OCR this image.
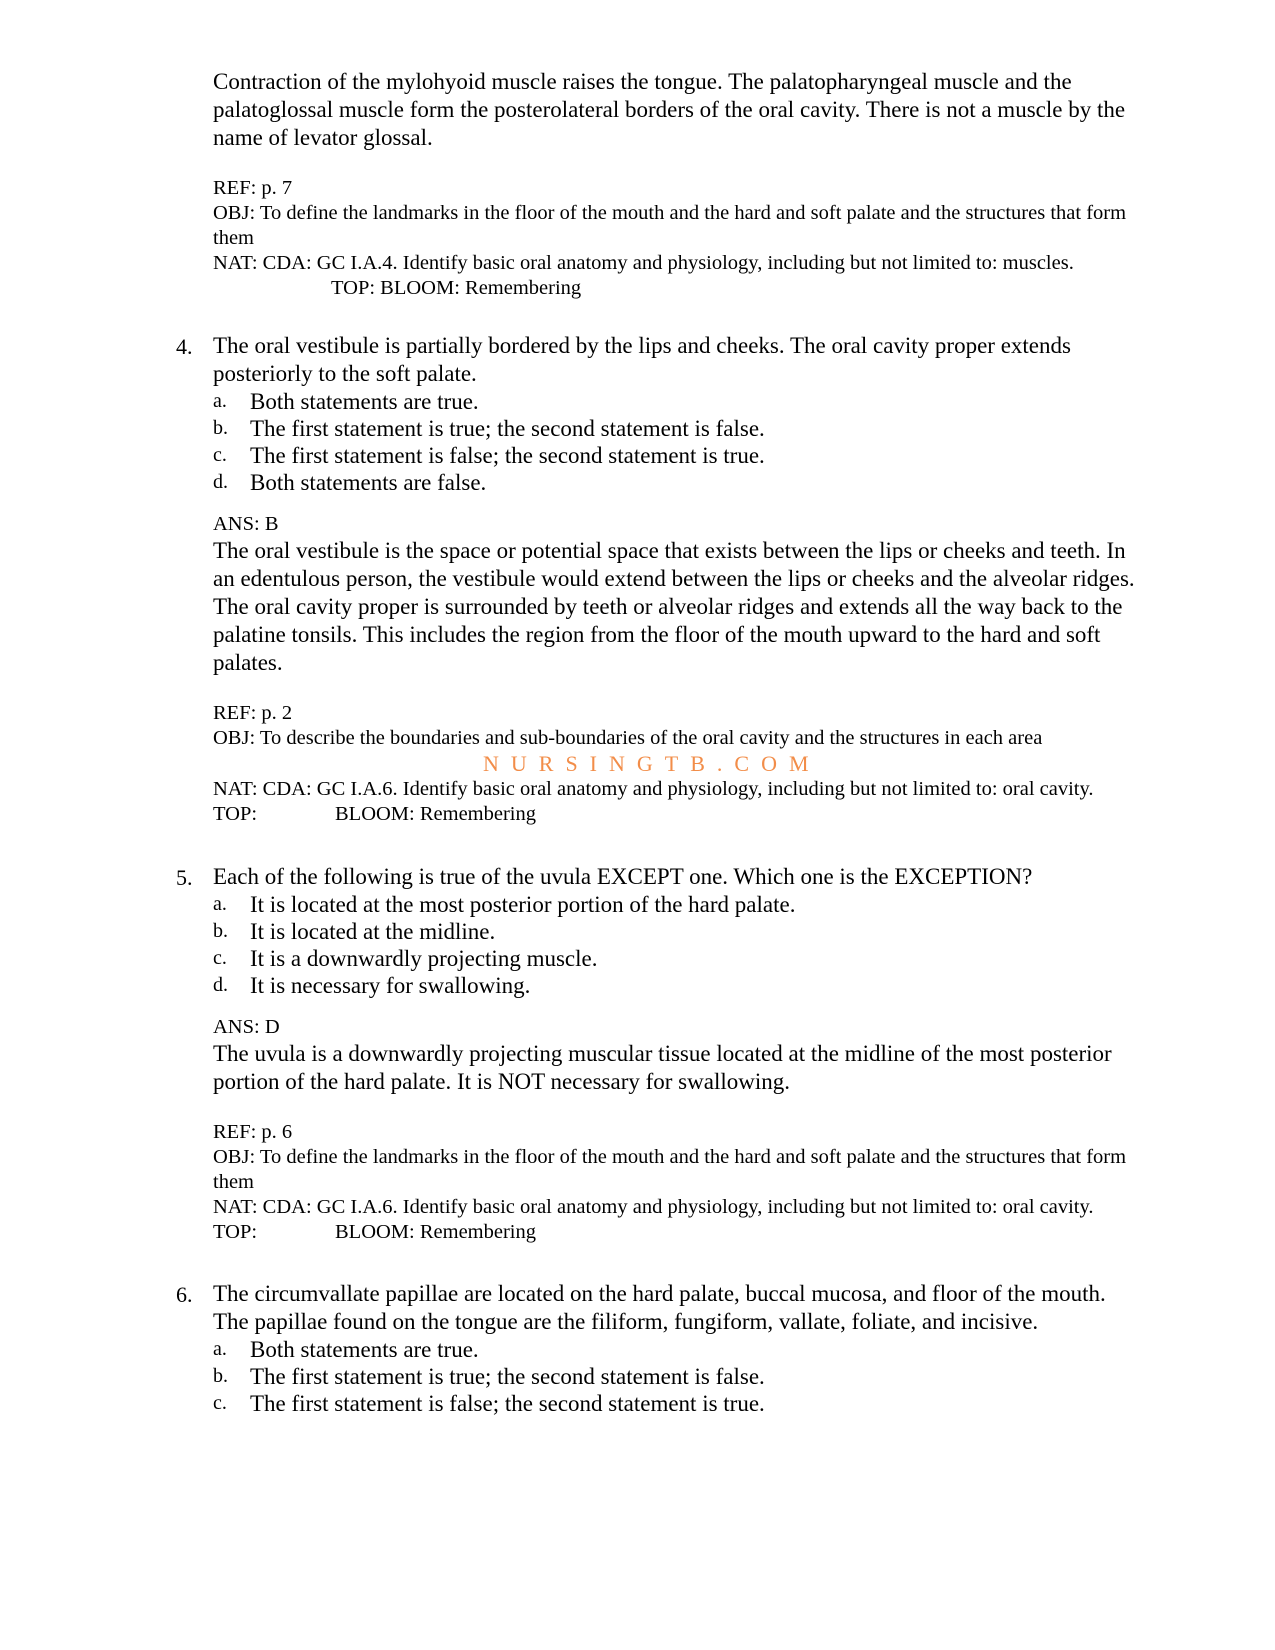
Contraction of the mylohyoid muscle raises the tongue. The palatopharyngeal muscle and the palatoglossal muscle form the posterolateral borders of the oral cavity. There is not a muscle by the name of levator glossal.

REF: p. 7

OBJ: To define the landmarks in the floor of the mouth and the hard and soft palate and the structures that form them

NAT: CDA: GC I.A.4. Identify basic oral anatomy and physiology, including but not limited to: muscles. TOP: BLOOM: Remembering

4. The oral vestibule is partially bordered by the lips and cheeks. The oral cavity proper extends posteriorly to the soft palate.

a.	Both statements are true.
b. The first statement is true; the second statement is false.
c.	The first statement is false; the second statement is true.
d. Both statements are false.

ANS: B

The oral vestibule is the space or potential space that exists between the lips or cheeks and teeth. In an edentulous person, the vestibule would extend between the lips or cheeks and the alveolar ridges. The oral cavity proper is surrounded by teeth or alveolar ridges and extends all the way back to the palatine tonsils. This includes the region from the floor of the mouth upward to the hard and soft palates.

REF: p. 2

OBJ: To describe the boundaries and sub-boundaries of the oral cavity and the structures in each area

NURSINGTB.COM

NAT: CDA: GC I.A.6. Identify basic oral anatomy and physiology, including but not limited to: oral cavity.TOP:	BLOOM: Remembering

5. Each of the following is true of the uvula EXCEPT one. Which one is the EXCEPTION?

a.	It is located at the most posterior portion of the hard palate.
b. It is located at the midline.
c.	It is a downwardly projecting muscle.
d. It is necessary for swallowing.

ANS: D

The uvula is a downwardly projecting muscular tissue located at the midline of the most posterior portion of the hard palate. It is NOT necessary for swallowing.

REF: p. 6

OBJ: To define the landmarks in the floor of the mouth and the hard and soft palate and the structures that form them

NAT: CDA: GC I.A.6. Identify basic oral anatomy and physiology, including but not limited to: oral cavity.TOP:	BLOOM: Remembering

6. The circumvallate papillae are located on the hard palate, buccal mucosa, and floor of the mouth. The papillae found on the tongue are the filiform, fungiform, vallate, foliate, and incisive.

a.	Both statements are true.
b. The first statement is true; the second statement is false.
c.	The first statement is false; the second statement is true.
